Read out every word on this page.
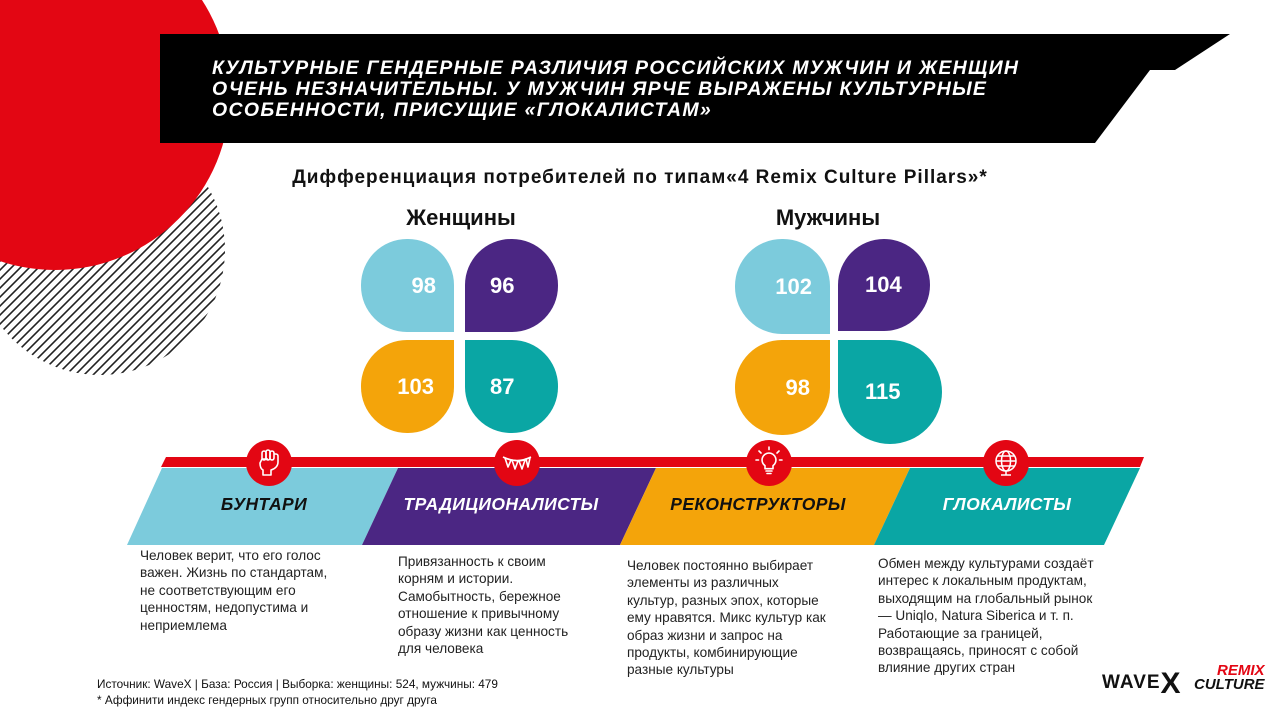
КУЛЬТУРНЫЕ ГЕНДЕРНЫЕ РАЗЛИЧИЯ РОССИЙСКИХ МУЖЧИН И ЖЕНЩИН ОЧЕНЬ НЕЗНАЧИТЕЛЬНЫ. У МУЖЧИН ЯРЧЕ ВЫРАЖЕНЫ КУЛЬТУРНЫЕ ОСОБЕННОСТИ, ПРИСУЩИЕ «ГЛОКАЛИСТАМ»

Дифференциация потребителей по типам«4 Remix Culture Pillars»*

Женщины	Мужчины

98 96
103	87
102 104
98	115
БУНТАРИ	ТРАДИЦИОНАЛИСТЫ	РЕКОНСТРУКТОРЫ	ГЛОКАЛИСТЫ

Человек верит, что его голос
важен. Жизнь по стандартам,
не соответствующим его
ценностям, недопустима и
неприемлема

Привязанность к своим
корням и истории.
Самобытность, бережное
отношение к привычному
образу жизни как ценность
для человека

Человек постоянно выбирает
элементы из различных
культур, разных эпох, которые
ему нравятся. Микс культур как
образ жизни и запрос на
продукты, комбинирующие
разные культуры

Обмен между культурами создаёт
интерес к локальным продуктам,
выходящим на глобальный рынок
— Uniqlo, Natura Siberica и т. п.
Работающие за границей,
возвращаясь, приносят с собой
влияние других стран

Источник: WaveX | База: Россия | Выборка: женщины: 524, мужчины: 479

* Аффинити индекс гендерных групп относительно друг друга

WAVEX	REMIX
CULTURE
